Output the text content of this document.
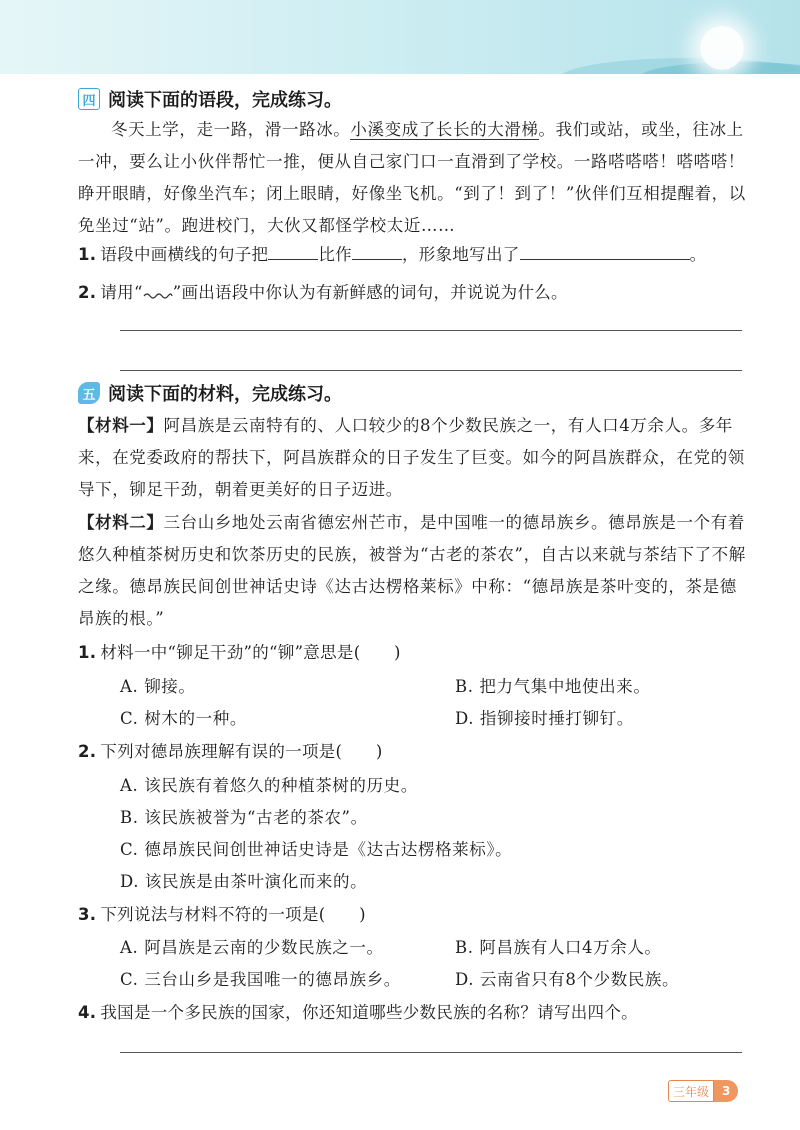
四 阅读下面的语段，完成练习。

冬天上学，走一路，滑一路冰。小溪变成了长长的大滑梯。我们或站，或坐，往冰上一冲，要么让小伙伴帮忙一推，便从自己家门口一直滑到了学校。一路嗒嗒嗒！嗒嗒嗒！睁开眼睛，好像坐汽车；闭上眼睛，好像坐飞机。“到了！到了！”伙伴们互相提醒着，以免坐过“站”。跑进校门，大伙又都怪学校太近……

1. 语段中画横线的句子把	比作	，形象地写出了	。
2. 请用“ ”画出语段中你认为有新鲜感的词句，并说说为什么。
五 阅读下面的材料，完成练习。

【材料一】阿昌族是云南特有的、人口较少的8个少数民族之一，有人口4万余人。多年来，在党委政府的帮扶下，阿昌族群众的日子发生了巨变。如今的阿昌族群众，在党的领导下，铆足干劲，朝着更美好的日子迈进。

【材料二】三台山乡地处云南省德宏州芒市，是中国唯一的德昂族乡。德昂族是一个有着悠久种植茶树历史和饮茶历史的民族，被誉为“古老的茶农”，自古以来就与茶结下了不解之缘。德昂族民间创世神话史诗《达古达楞格莱标》中称：“德昂族是茶叶变的，茶是德昂族的根。”

1. 材料一中“铆足干劲”的“铆”意思是(　　)
A. 铆接。	B. 把力气集中地使出来。
C. 树木的一种。	D. 指铆接时捶打铆钉。
2. 下列对德昂族理解有误的一项是(　　)
A. 该民族有着悠久的种植茶树的历史。
B. 该民族被誉为“古老的茶农”。
C. 德昂族民间创世神话史诗是《达古达楞格莱标》。
D. 该民族是由茶叶演化而来的。
3. 下列说法与材料不符的一项是(　　)
A. 阿昌族是云南的少数民族之一。	B. 阿昌族有人口4万余人。
C. 三台山乡是我国唯一的德昂族乡。	D. 云南省只有8个少数民族。
4. 我国是一个多民族的国家，你还知道哪些少数民族的名称？请写出四个。
三年级	3
